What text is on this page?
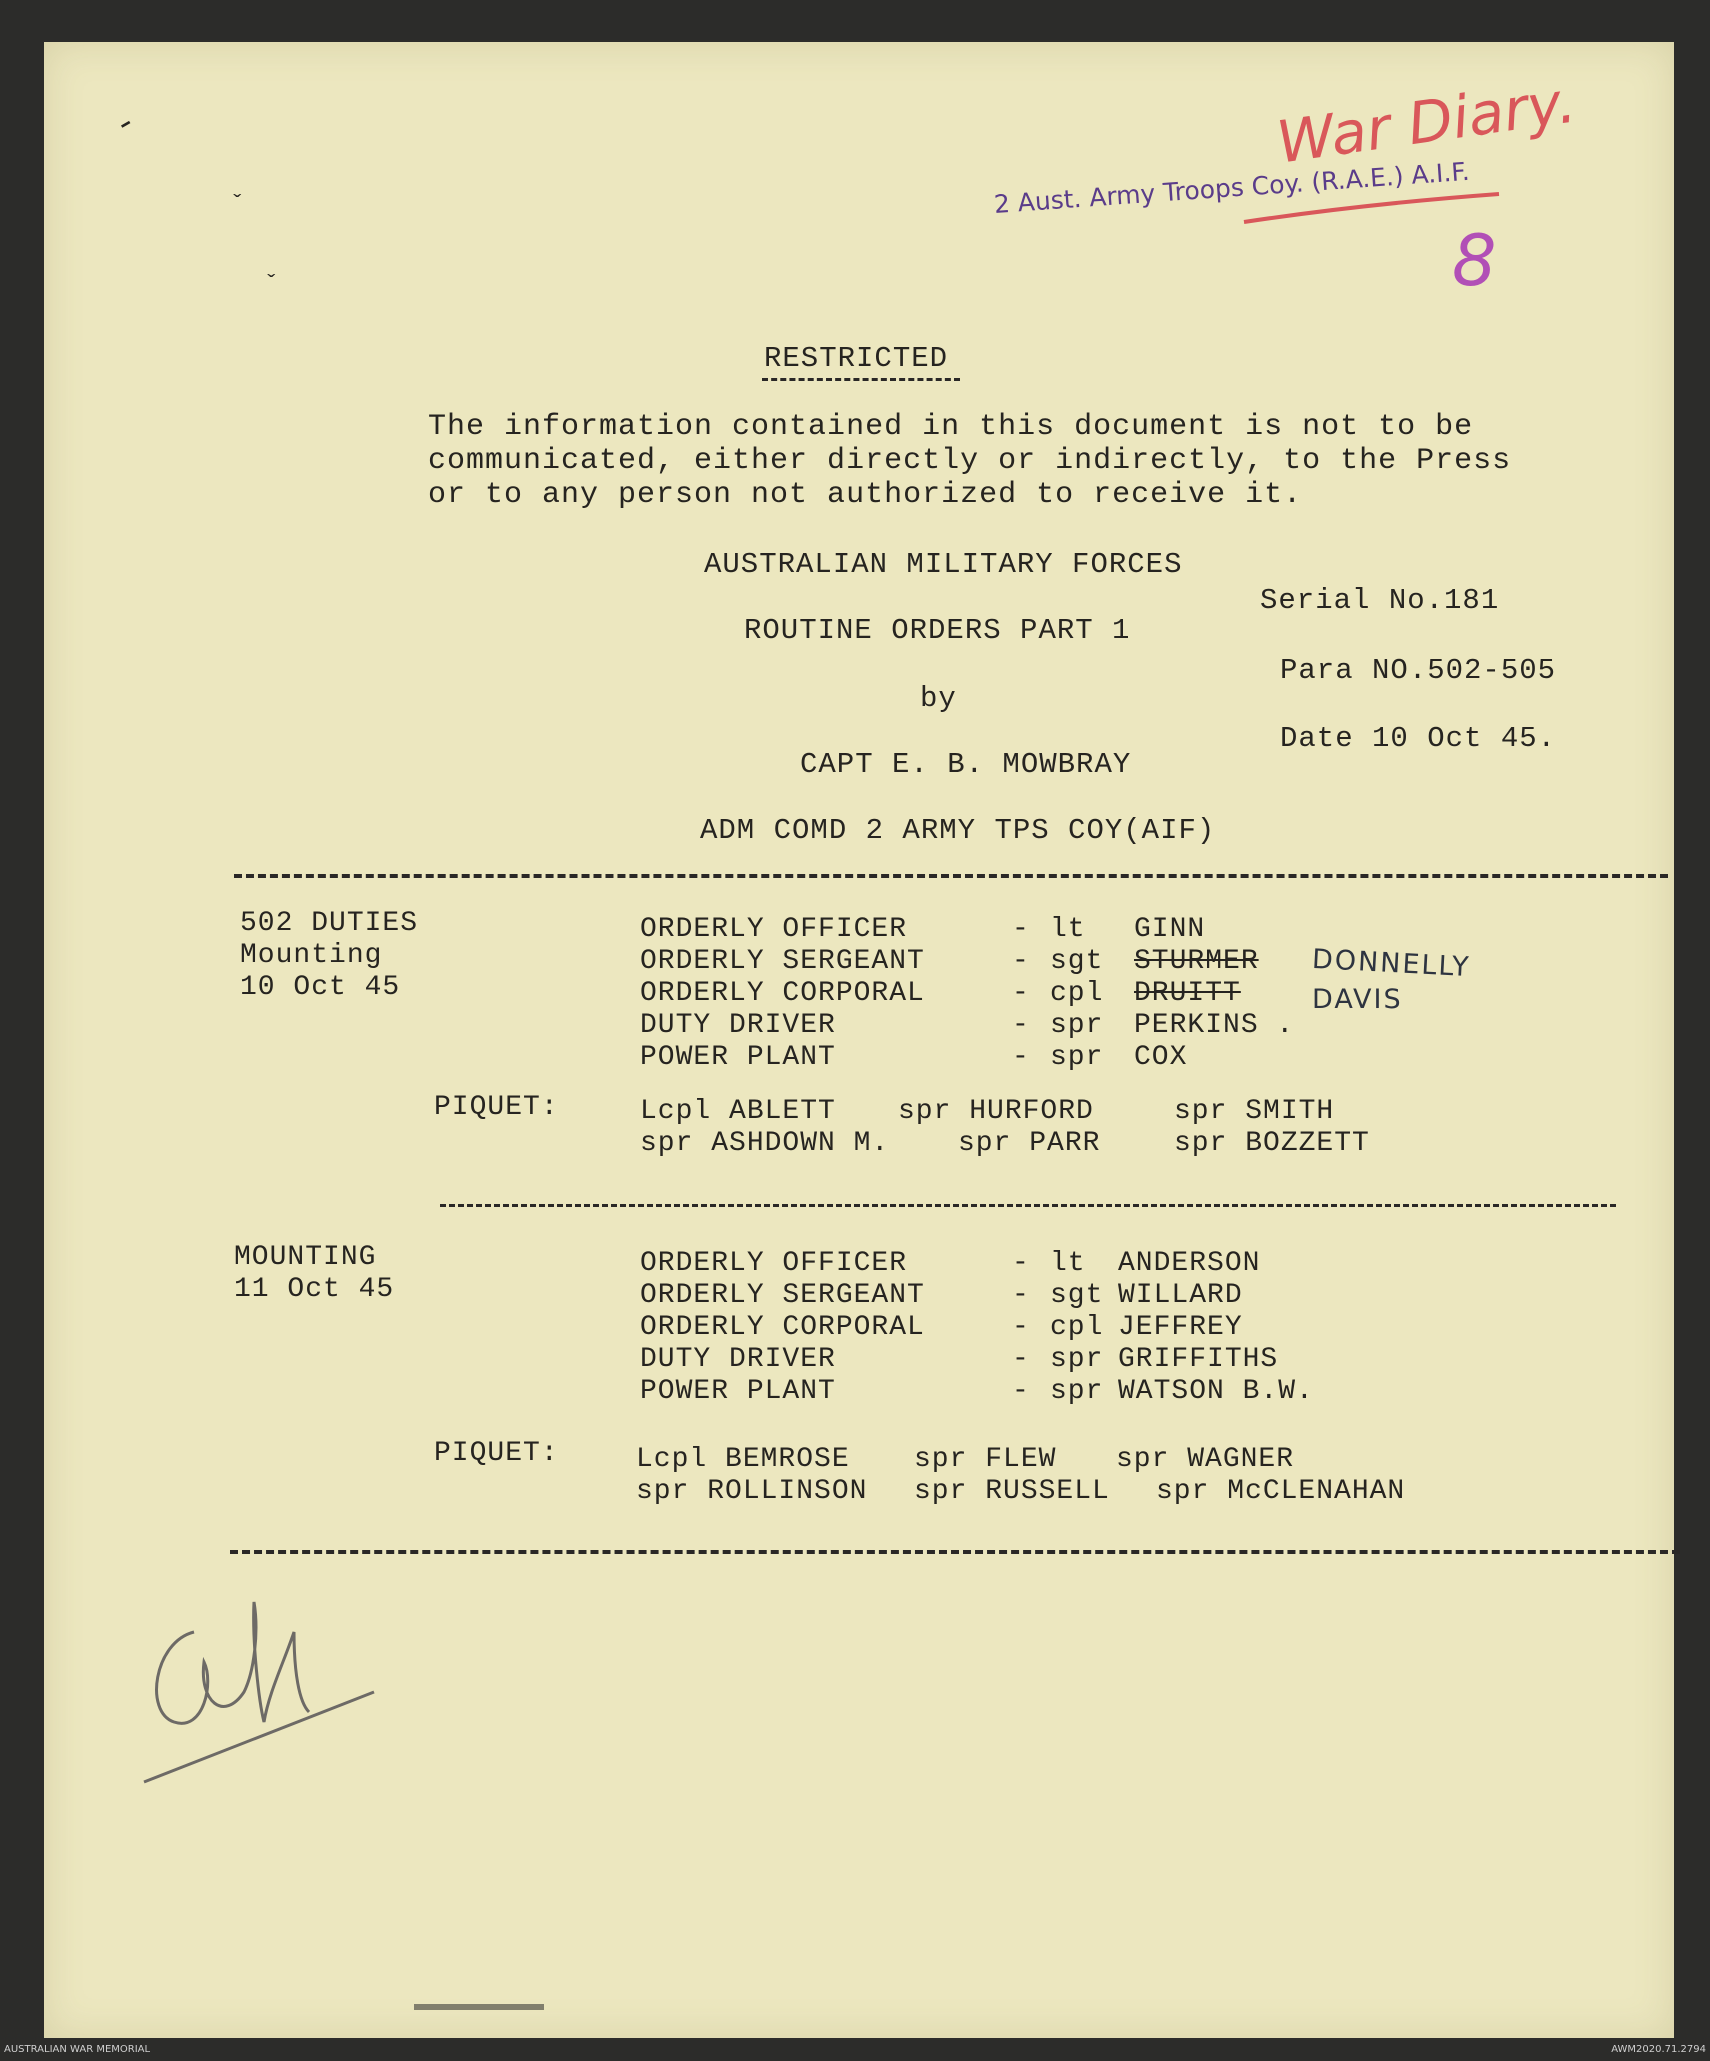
-
ˇ
ˇ
2 Aust. Army Troops Coy. (R.A.E.) A.I.F.
War Diary.
8
RESTRICTED
The information contained in this document is not to be
communicated, either directly or indirectly, to the Press
or to any person not authorized to receive it.
AUSTRALIAN MILITARY FORCES
Serial No.181
ROUTINE ORDERS PART 1
Para NO.502-505
by
Date 10 Oct 45.
CAPT E. B. MOWBRAY
ADM COMD 2 ARMY TPS COY(AIF)
502 DUTIES
Mounting
10 Oct 45
ORDERLY OFFICER	- lt GINN
ORDERLY SERGEANT	- sgt STURMER DONNELLY
ORDERLY CORPORAL	- cpl DRUITT	DAVIS
DUTY DRIVER	- spr PERKINS .
POWER PLANT	- spr COX
PIQUET:	Lcpl ABLETT spr HURFORD	spr SMITH
spr ASHDOWN M. spr PARR	spr BOZZETT
MOUNTING
11 Oct 45
ORDERLY OFFICER	- lt ANDERSON
ORDERLY SERGEANT	- sgt WILLARD
ORDERLY CORPORAL	- cpl JEFFREY
DUTY DRIVER	- spr GRIFFITHS
POWER PLANT	- spr WATSON B.W.
PIQUET:	Lcpl BEMROSE spr FLEW spr WAGNER
spr ROLLINSON spr RUSSELL spr McCLENAHAN
AUSTRALIAN WAR MEMORIAL	AWM2020.71.2794
